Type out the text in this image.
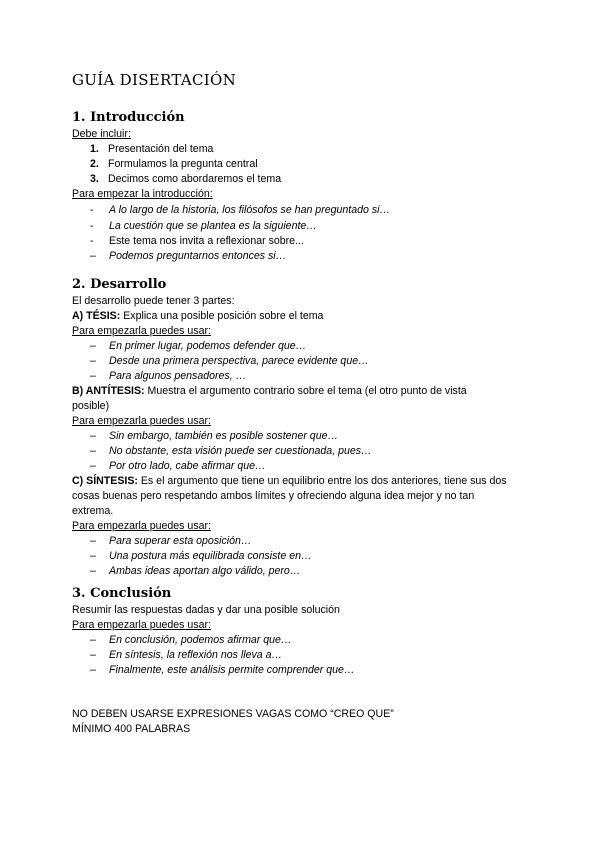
GUÍA DISERTACIÓN
1. Introducción
Debe incluir:
1. Presentación del tema
2. Formulamos la pregunta central
3. Decimos como abordaremos el tema
Para empezar la introducción:
- A lo largo de la historia, los filósofos se han preguntado si…
- La cuestión que se plantea es la siguiente…
- Este tema nos invita a reflexionar sobre...
– Podemos preguntarnos entonces si…
2. Desarrollo
El desarrollo puede tener 3 partes:
A) TÉSIS: Explica una posible posición sobre el tema
Para empezarla puedes usar:
– En primer lugar, podemos defender que…
– Desde una primera perspectiva, parece evidente que…
– Para algunos pensadores, …
B) ANTÍTESIS: Muestra el argumento contrario sobre el tema (el otro punto de vista
posible)
Para empezarla puedes usar:
– Sin embargo, también es posible sostener que…
– No obstante, esta visión puede ser cuestionada, pues…
– Por otro lado, cabe afirmar que…
C) SÍNTESIS: Es el argumento que tiene un equilibrio entre los dos anteriores, tiene sus dos
cosas buenas pero respetando ambos límites y ofreciendo alguna idea mejor y no tan
extrema.
Para empezarla puedes usar:
– Para superar esta oposición…
– Una postura más equilibrada consiste en…
– Ambas ideas aportan algo válido, pero…
3. Conclusión
Resumir las respuestas dadas y dar una posible solución
Para empezarla puedes usar:
– En conclusión, podemos afirmar que…
– En síntesis, la reflexión nos lleva a…
– Finalmente, este análisis permite comprender que…
NO DEBEN USARSE EXPRESIONES VAGAS COMO “CREO QUE”
MÍNIMO 400 PALABRAS
